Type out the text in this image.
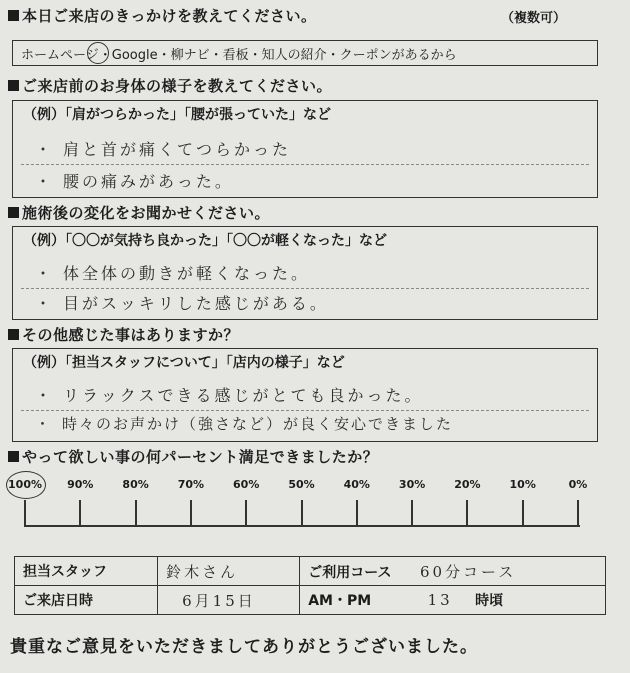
本日ご来店のきっかけを教えてください。	（複数可）
ホームページ・Google・柳ナビ・看板・知人の紹介・クーポンがあるから
ご来店前のお身体の様子を教えてください。
（例）「肩がつらかった」「腰が張っていた」など
・ 肩と首が痛くてつらかった
・ 腰の痛みがあった。
施術後の変化をお聞かせください。
（例）「〇〇が気持ち良かった」「〇〇が軽くなった」など
・ 体全体の動きが軽くなった。
・ 目がスッキリした感じがある。
その他感じた事はありますか？
（例）「担当スタッフについて」「店内の様子」など
・ リラックスできる感じがとても良かった。
・ 時々のお声かけ（強さなど）が良く安心できました
やって欲しい事の何パーセント満足できましたか？
100% 90%	80%	70%	60%	50%	40%	30%	20%	10%	0%
担当スタッフ	鈴木さん	ご利用コース 60分コース
ご来店日時	6月15日	AM・PM 13 時頃
貴重なご意見をいただきましてありがとうございました。
